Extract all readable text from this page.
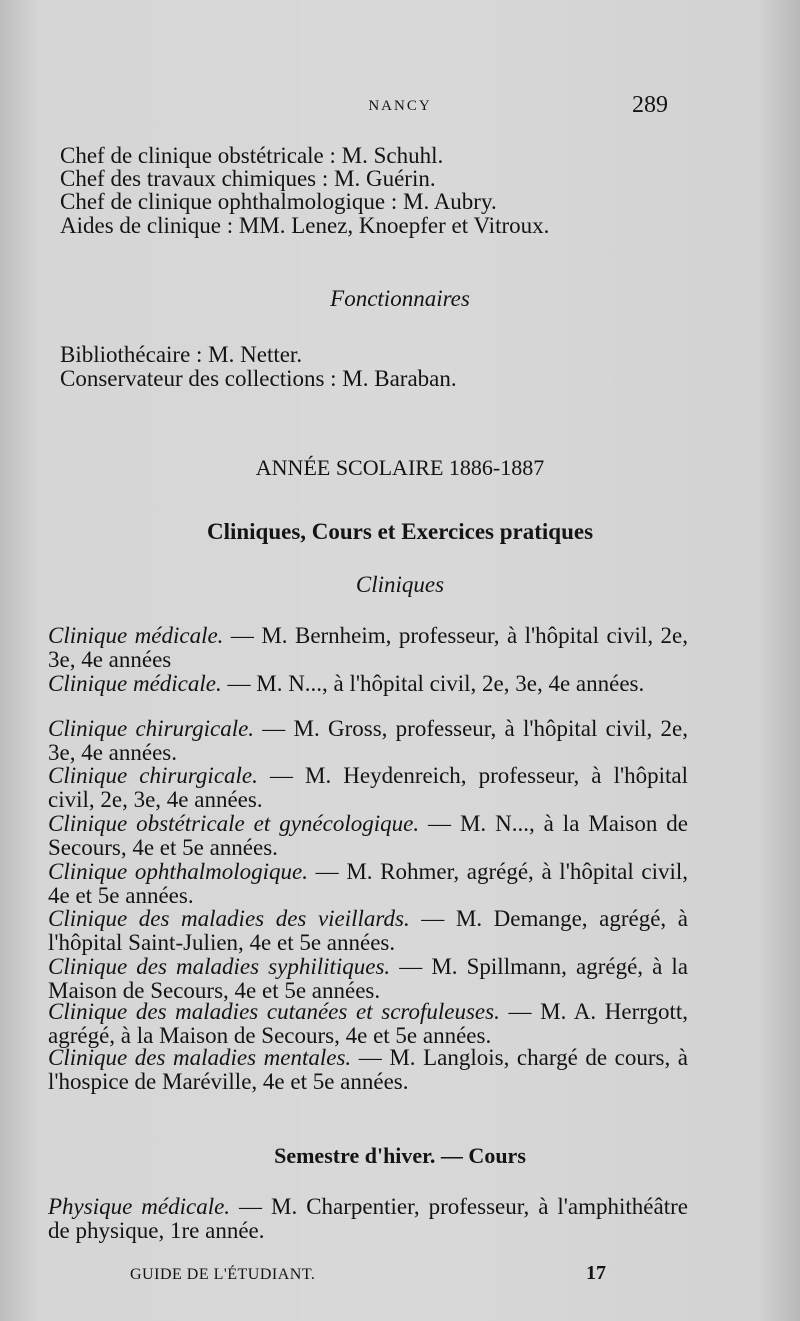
NANCY	289
Chef de clinique obstétricale : M. Schuhl.
Chef des travaux chimiques : M. Guérin.
Chef de clinique ophthalmologique : M. Aubry.
Aides de clinique : MM. Lenez, Knoepfer et Vitroux.
Fonctionnaires
Bibliothécaire : M. Netter.
Conservateur des collections : M. Baraban.
ANNÉE SCOLAIRE 1886-1887
Cliniques, Cours et Exercices pratiques
Cliniques
Clinique médicale. — M. Bernheim, professeur, à l'hôpital civil, 2e, 3e, 4e années
Clinique médicale. — M. N..., à l'hôpital civil, 2e, 3e, 4e années.
Clinique chirurgicale. — M. Gross, professeur, à l'hôpital civil, 2e, 3e, 4e années.
Clinique chirurgicale. — M. Heydenreich, professeur, à l'hôpital civil, 2e, 3e, 4e années.
Clinique obstétricale et gynécologique. — M. N..., à la Maison de Secours, 4e et 5e années.
Clinique ophthalmologique. — M. Rohmer, agrégé, à l'hôpital civil, 4e et 5e années.
Clinique des maladies des vieillards. — M. Demange, agrégé, à l'hôpital Saint-Julien, 4e et 5e années.
Clinique des maladies syphilitiques. — M. Spillmann, agrégé, à la Maison de Secours, 4e et 5e années.
Clinique des maladies cutanées et scrofuleuses. — M. A. Herrgott, agrégé, à la Maison de Secours, 4e et 5e années.
Clinique des maladies mentales. — M. Langlois, chargé de cours, à l'hospice de Maréville, 4e et 5e années.
Semestre d'hiver. — Cours
Physique médicale. — M. Charpentier, professeur, à l'amphithéâtre de physique, 1re année.
GUIDE DE L'ÉTUDIANT.	17
